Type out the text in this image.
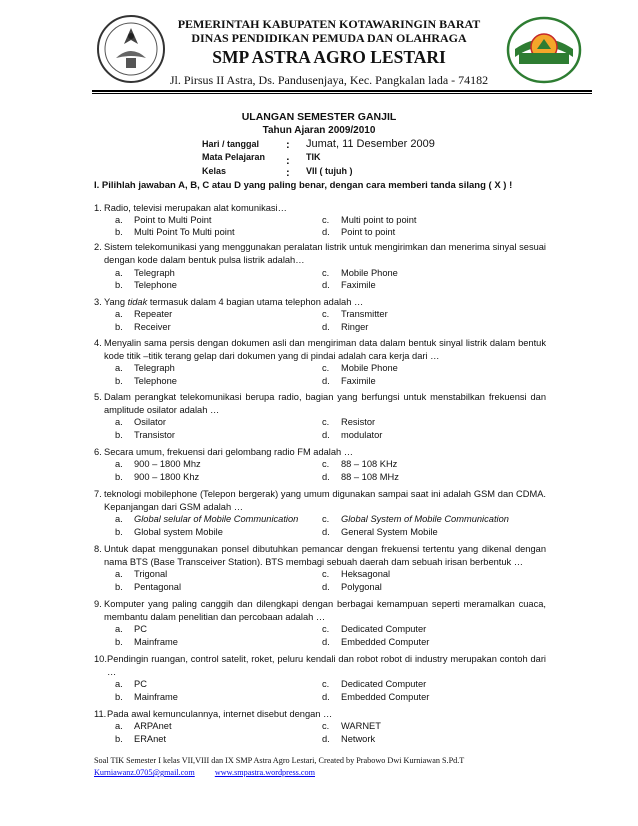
PEMERINTAH KABUPATEN KOTAWARINGIN BARAT
DINAS PENDIDIKAN PEMUDA DAN OLAHRAGA
SMP ASTRA AGRO LESTARI
Jl. Pirsus II Astra, Ds. Pandusenjaya, Kec. Pangkalan lada - 74182
ULANGAN SEMESTER GANJIL
Tahun Ajaran 2009/2010
Hari / tanggal	: Jumat, 11 Desember 2009
Mata Pelajaran	: TIK
Kelas	: VII ( tujuh )
I. Pilihlah jawaban A, B, C atau D yang paling benar, dengan cara memberi tanda silang ( X ) !
1. Radio, televisi merupakan alat komunikasi…
a. Point to Multi Point
b. Multi Point To Multi point
c. Multi point to point
d. Point to point
2. Sistem telekomunikasi yang menggunakan peralatan listrik untuk mengirimkan dan menerima sinyal sesuai dengan kode dalam bentuk pulsa listrik adalah…
a. Telegraph
b. Telephone
c. Mobile Phone
d. Faximile
3. Yang tidak termasuk dalam 4 bagian utama telephon adalah …
a. Repeater
b. Receiver
c. Transmitter
d. Ringer
4. Menyalin sama persis dengan dokumen asli dan mengiriman data dalam bentuk sinyal listrik dalam bentuk kode titik –titik terang gelap dari dokumen yang di pindai adalah cara kerja dari …
a. Telegraph
b. Telephone
c. Mobile Phone
d. Faximile
5. Dalam perangkat telekomunikasi berupa radio, bagian yang berfungsi untuk menstabilkan frekuensi dan amplitude osilator adalah …
a. Osilator
b. Transistor
c. Resistor
d. modulator
6. Secara umum, frekuensi dari gelombang radio FM adalah …
a. 900 – 1800 Mhz
b. 900 – 1800 Khz
c. 88 – 108 KHz
d. 88 – 108 MHz
7. teknologi mobilephone (Telepon bergerak) yang umum digunakan sampai saat ini adalah GSM dan CDMA. Kepanjangan dari GSM adalah …
a. Global selular of Mobile Communication
b. Global system Mobile
c. Global System of Mobile Communication
d. General System Mobile
8. Untuk dapat menggunakan ponsel dibutuhkan pemancar dengan frekuensi tertentu yang dikenal dengan nama BTS (Base Transceiver Station). BTS membagi sebuah daerah dam sebuah irisan berbentuk …
a. Trigonal
b. Pentagonal
c. Heksagonal
d. Polygonal
9. Komputer yang paling canggih dan dilengkapi dengan berbagai kemampuan seperti meramalkan cuaca, membantu dalam penelitian dan percobaan adalah …
a. PC
b. Mainframe
c. Dedicated Computer
d. Embedded Computer
10. Pendingin ruangan, control satelit, roket, peluru kendali dan robot robot di industry merupakan contoh dari …
a. PC
b. Mainframe
c. Dedicated Computer
d. Embedded Computer
11. Pada awal kemunculannya, internet disebut dengan …
a. ARPAnet
b. ERAnet
c. WARNET
d. Network
Soal TIK Semester I kelas VII,VIII dan IX SMP Astra Agro Lestari, Created by Prabowo Dwi Kurniawan S.Pd.T
Kurniawanz.0705@gmail.com www.smpastra.wordpress.com
